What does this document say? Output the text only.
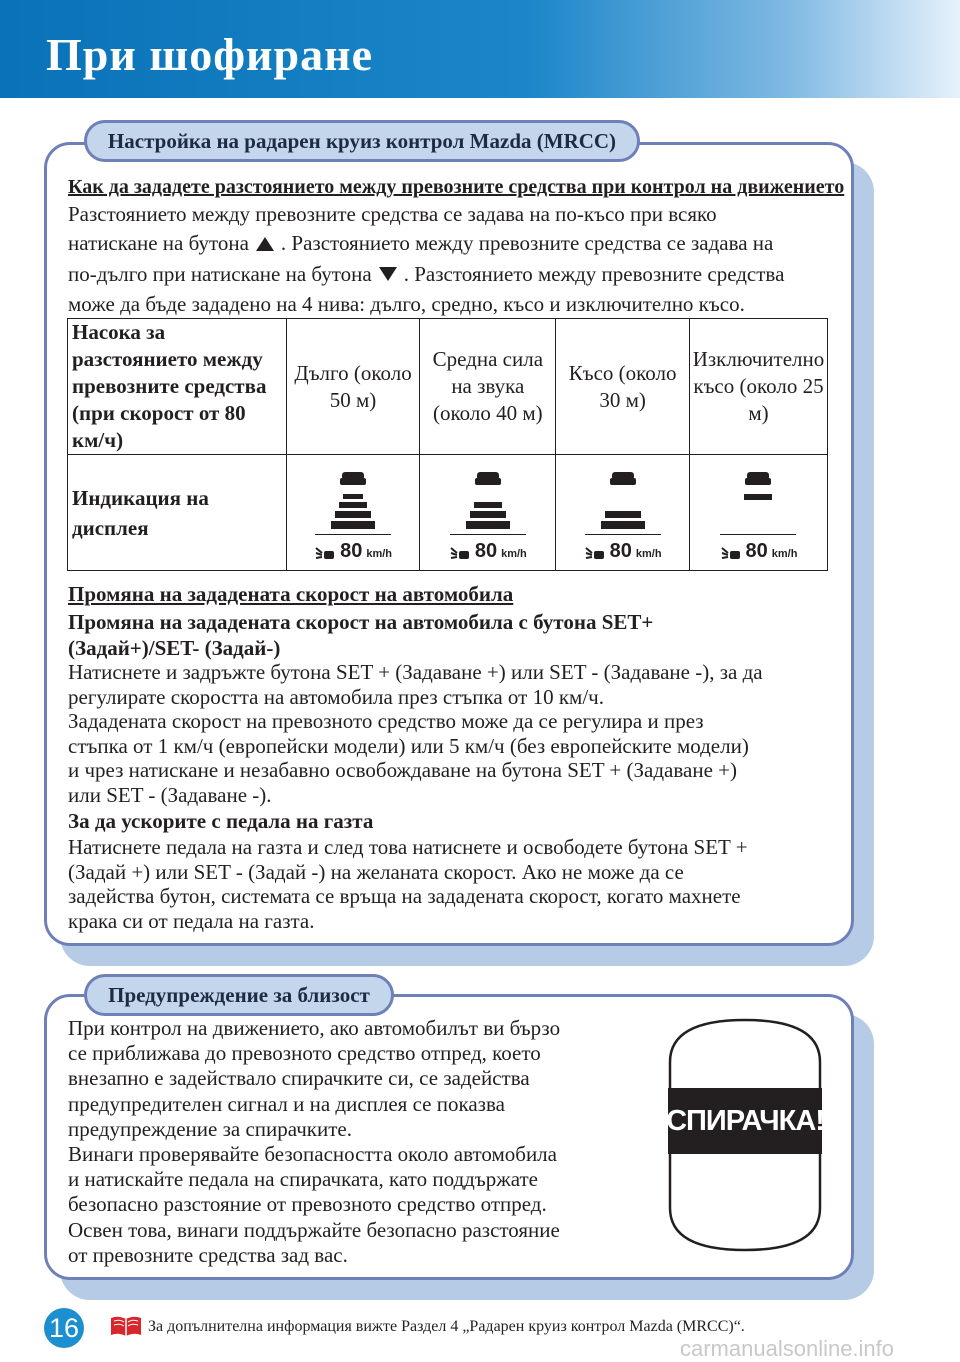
При шофиране
Настройка на радарен круиз контрол Mazda (MRCC)
Как да зададете разстоянието между превозните средства при контрол на движението

Разстоянието между превозните средства се задава на по-късо при всяко

натискане на бутона . Разстоянието между превозните средства се задава на

по-дълго при натискане на бутона . Разстоянието между превозните средства

може да бъде зададено на 4 нива: дълго, средно, късо и изключително късо.

Насока за разстоянието между превозните средства (при скорост от 80 км/ч)	Дълго (около 50 м)	Средна сила на звука (около 40 м)	Късо (около 30 м)	Изключително късо (около 25 м)
Индикация на дисплея	80 km/h	80 km/h	80 km/h	80 km/h

Промяна на зададената скорост на автомобила

Промяна на зададената скорост на автомобила с бутона SET+

(Задай+)/SET- (Задай-)

Натиснете и задръжте бутона SET + (Задаване +) или SET - (Задаване -), за да

регулирате скоростта на автомобила през стъпка от 10 км/ч.

Зададената скорост на превозното средство може да се регулира и през

стъпка от 1 км/ч (европейски модели) или 5 км/ч (без европейските модели)

и чрез натискане и незабавно освобождаване на бутона SET + (Задаване +)

или SET - (Задаване -).

За да ускорите с педала на газта

Натиснете педала на газта и след това натиснете и освободете бутона SET +

(Задай +) или SET - (Задай -) на желаната скорост. Ако не може да се

задейства бутон, системата се връща на зададената скорост, когато махнете

крака си от педала на газта.

Предупреждение за близост

При контрол на движението, ако автомобилът ви бързо

се приближава до превозното средство отпред, което

внезапно е задействало спирачките си, се задейства

предупредителен сигнал и на дисплея се показва

предупреждение за спирачките.

Винаги проверявайте безопасността около автомобила

и натискайте педала на спирачката, като поддържате

безопасно разстояние от превозното средство отпред.

Освен това, винаги поддържайте безопасно разстояние

от превозните средства зад вас.

СПИРАЧКА!
16	За допълнителна информация вижте Раздел 4 „Радарен круиз контрол Mazda (MRCC)“.
carmanualsonline.info
